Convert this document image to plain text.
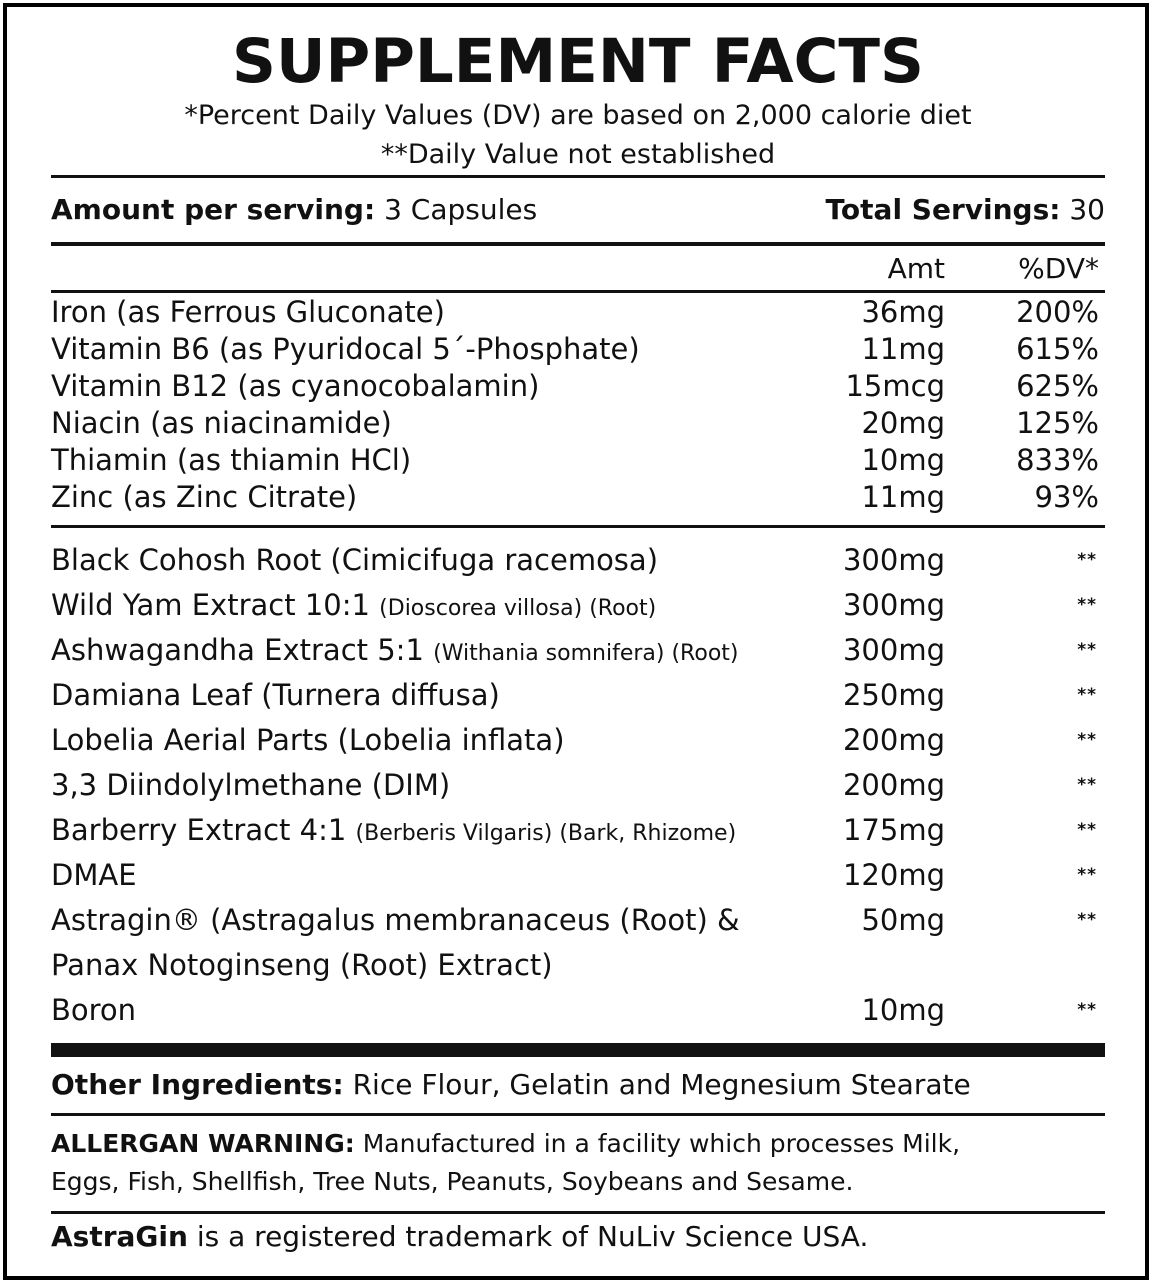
SUPPLEMENT FACTS
*Percent Daily Values (DV) are based on 2,000 calorie diet
**Daily Value not established
Amount per serving: 3 Capsules	Total Servings: 30
Amt	%DV*
Iron (as Ferrous Gluconate)	36mg 200%
Vitamin B6 (as Pyuridocal 5´-Phosphate)	11mg 615%
Vitamin B12 (as cyanocobalamin)	15mcg 625%
Niacin (as niacinamide)	20mg 125%
Thiamin (as thiamin HCl)	10mg 833%
Zinc (as Zinc Citrate)	11mg	93%
Black Cohosh Root (Cimicifuga racemosa)	300mg	**
Wild Yam Extract 10:1 (Dioscorea villosa) (Root)	300mg	**
Ashwagandha Extract 5:1 (Withania somnifera) (Root)	300mg	**
Damiana Leaf (Turnera diffusa)	250mg	**
Lobelia Aerial Parts (Lobelia inflata)	200mg	**
3,3 Diindolylmethane (DIM)	200mg	**
Barberry Extract 4:1 (Berberis Vilgaris) (Bark, Rhizome)	175mg	**
DMAE	120mg	**
Astragin® (Astragalus membranaceus (Root) &	50mg	**
Panax Notoginseng (Root) Extract)
Boron	10mg	**
Other Ingredients: Rice Flour, Gelatin and Megnesium Stearate
ALLERGAN WARNING: Manufactured in a facility which processes Milk,
Eggs, Fish, Shellfish, Tree Nuts, Peanuts, Soybeans and Sesame.
AstraGin is a registered trademark of NuLiv Science USA.
